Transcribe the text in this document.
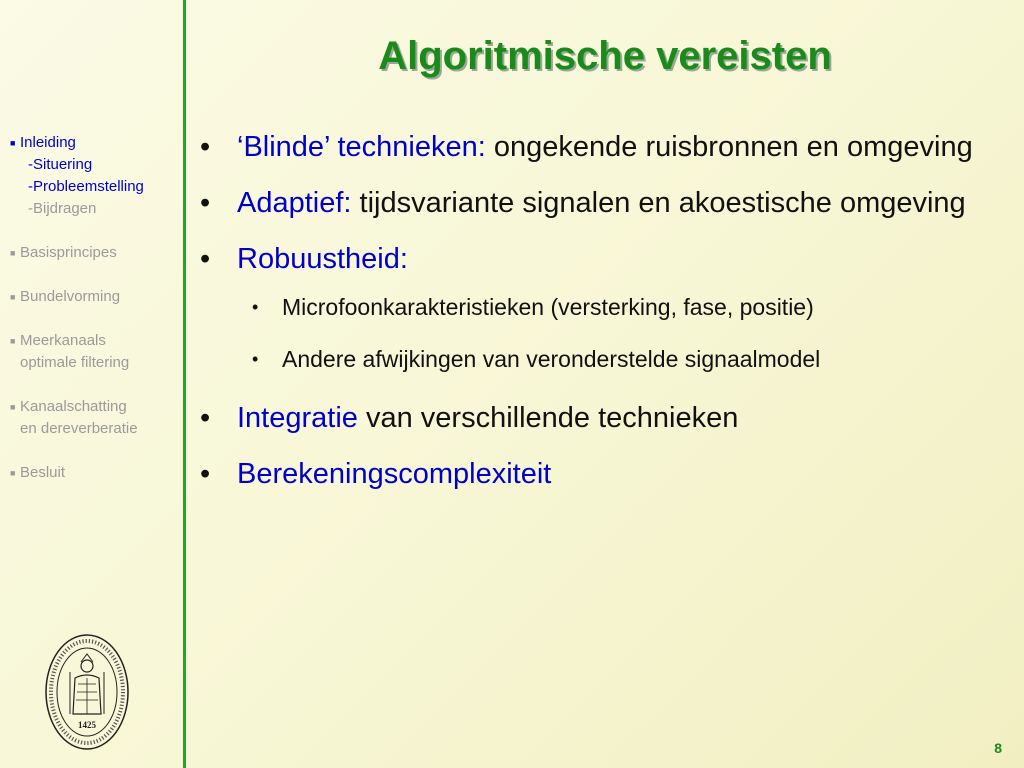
■ Inleiding
-Situering
-Probleemstelling
-Bijdragen
■ Basisprincipes
■ Bundelvorming
■ Meerkanaals
optimale filtering
■ Kanaalschatting
en dereverberatie
■ Besluit
1425
Algoritmische vereisten
• ‘Blinde’ technieken: ongekende ruisbronnen en omgeving
• Adaptief: tijdsvariante signalen en akoestische omgeving
• Robuustheid:
• Microfoonkarakteristieken (versterking, fase, positie)
• Andere afwijkingen van veronderstelde signaalmodel
• Integratie van verschillende technieken
• Berekeningscomplexiteit
8
